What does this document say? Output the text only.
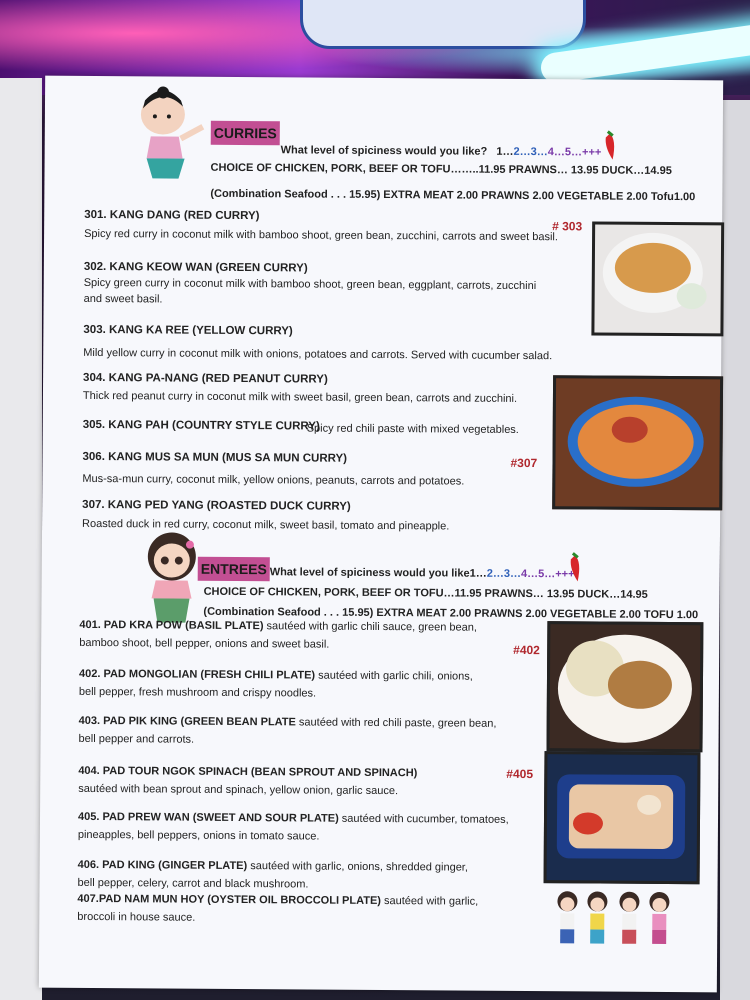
CURRIES
What level of spiciness would you like? 1…2…3…4…5…+++
CHOICE OF CHICKEN, PORK, BEEF OR TOFU……..11.95 PRAWNS… 13.95 DUCK…14.95
(Combination Seafood . . . 15.95) EXTRA MEAT 2.00 PRAWNS 2.00 VEGETABLE 2.00 Tofu1.00
301. KANG DANG (RED CURRY)
Spicy red curry in coconut milk with bamboo shoot, green bean, zucchini, carrots and sweet basil.
302. KANG KEOW WAN (GREEN CURRY)
Spicy green curry in coconut milk with bamboo shoot, green bean, eggplant, carrots, zucchini
and sweet basil.
303. KANG KA REE (YELLOW CURRY)
Mild yellow curry in coconut milk with onions, potatoes and carrots. Served with cucumber salad.
304. KANG PA-NANG (RED PEANUT CURRY)
Thick red peanut curry in coconut milk with sweet basil, green bean, carrots and zucchini.
305. KANG PAH (COUNTRY STYLE CURRY)
Spicy red chili paste with mixed vegetables.
306. KANG MUS SA MUN (MUS SA MUN CURRY)
Mus-sa-mun curry, coconut milk, yellow onions, peanuts, carrots and potatoes.
307. KANG PED YANG (ROASTED DUCK CURRY)
Roasted duck in red curry, coconut milk, sweet basil, tomato and pineapple.
# 303
#307
ENTREES What level of spiciness would you like1…2…3…4…5…+++
CHOICE OF CHICKEN, PORK, BEEF OR TOFU…11.95 PRAWNS… 13.95 DUCK…14.95
(Combination Seafood . . . 15.95) EXTRA MEAT 2.00 PRAWNS 2.00 VEGETABLE 2.00 TOFU 1.00
401. PAD KRA POW (BASIL PLATE) sautéed with garlic chili sauce, green bean,
bamboo shoot, bell pepper, onions and sweet basil.
402. PAD MONGOLIAN (FRESH CHILI PLATE) sautéed with garlic chili, onions,
bell pepper, fresh mushroom and crispy noodles.
403. PAD PIK KING (GREEN BEAN PLATE sautéed with red chili paste, green bean,
bell pepper and carrots.
404. PAD TOUR NGOK SPINACH (BEAN SPROUT AND SPINACH)
sautéed with bean sprout and spinach, yellow onion, garlic sauce.
405. PAD PREW WAN (SWEET AND SOUR PLATE) sautéed with cucumber, tomatoes,
pineapples, bell peppers, onions in tomato sauce.
406. PAD KING (GINGER PLATE) sautéed with garlic, onions, shredded ginger,
bell pepper, celery, carrot and black mushroom.
407.PAD NAM MUN HOY (OYSTER OIL BROCCOLI PLATE) sautéed with garlic,
broccoli in house sauce.
#402
#405
